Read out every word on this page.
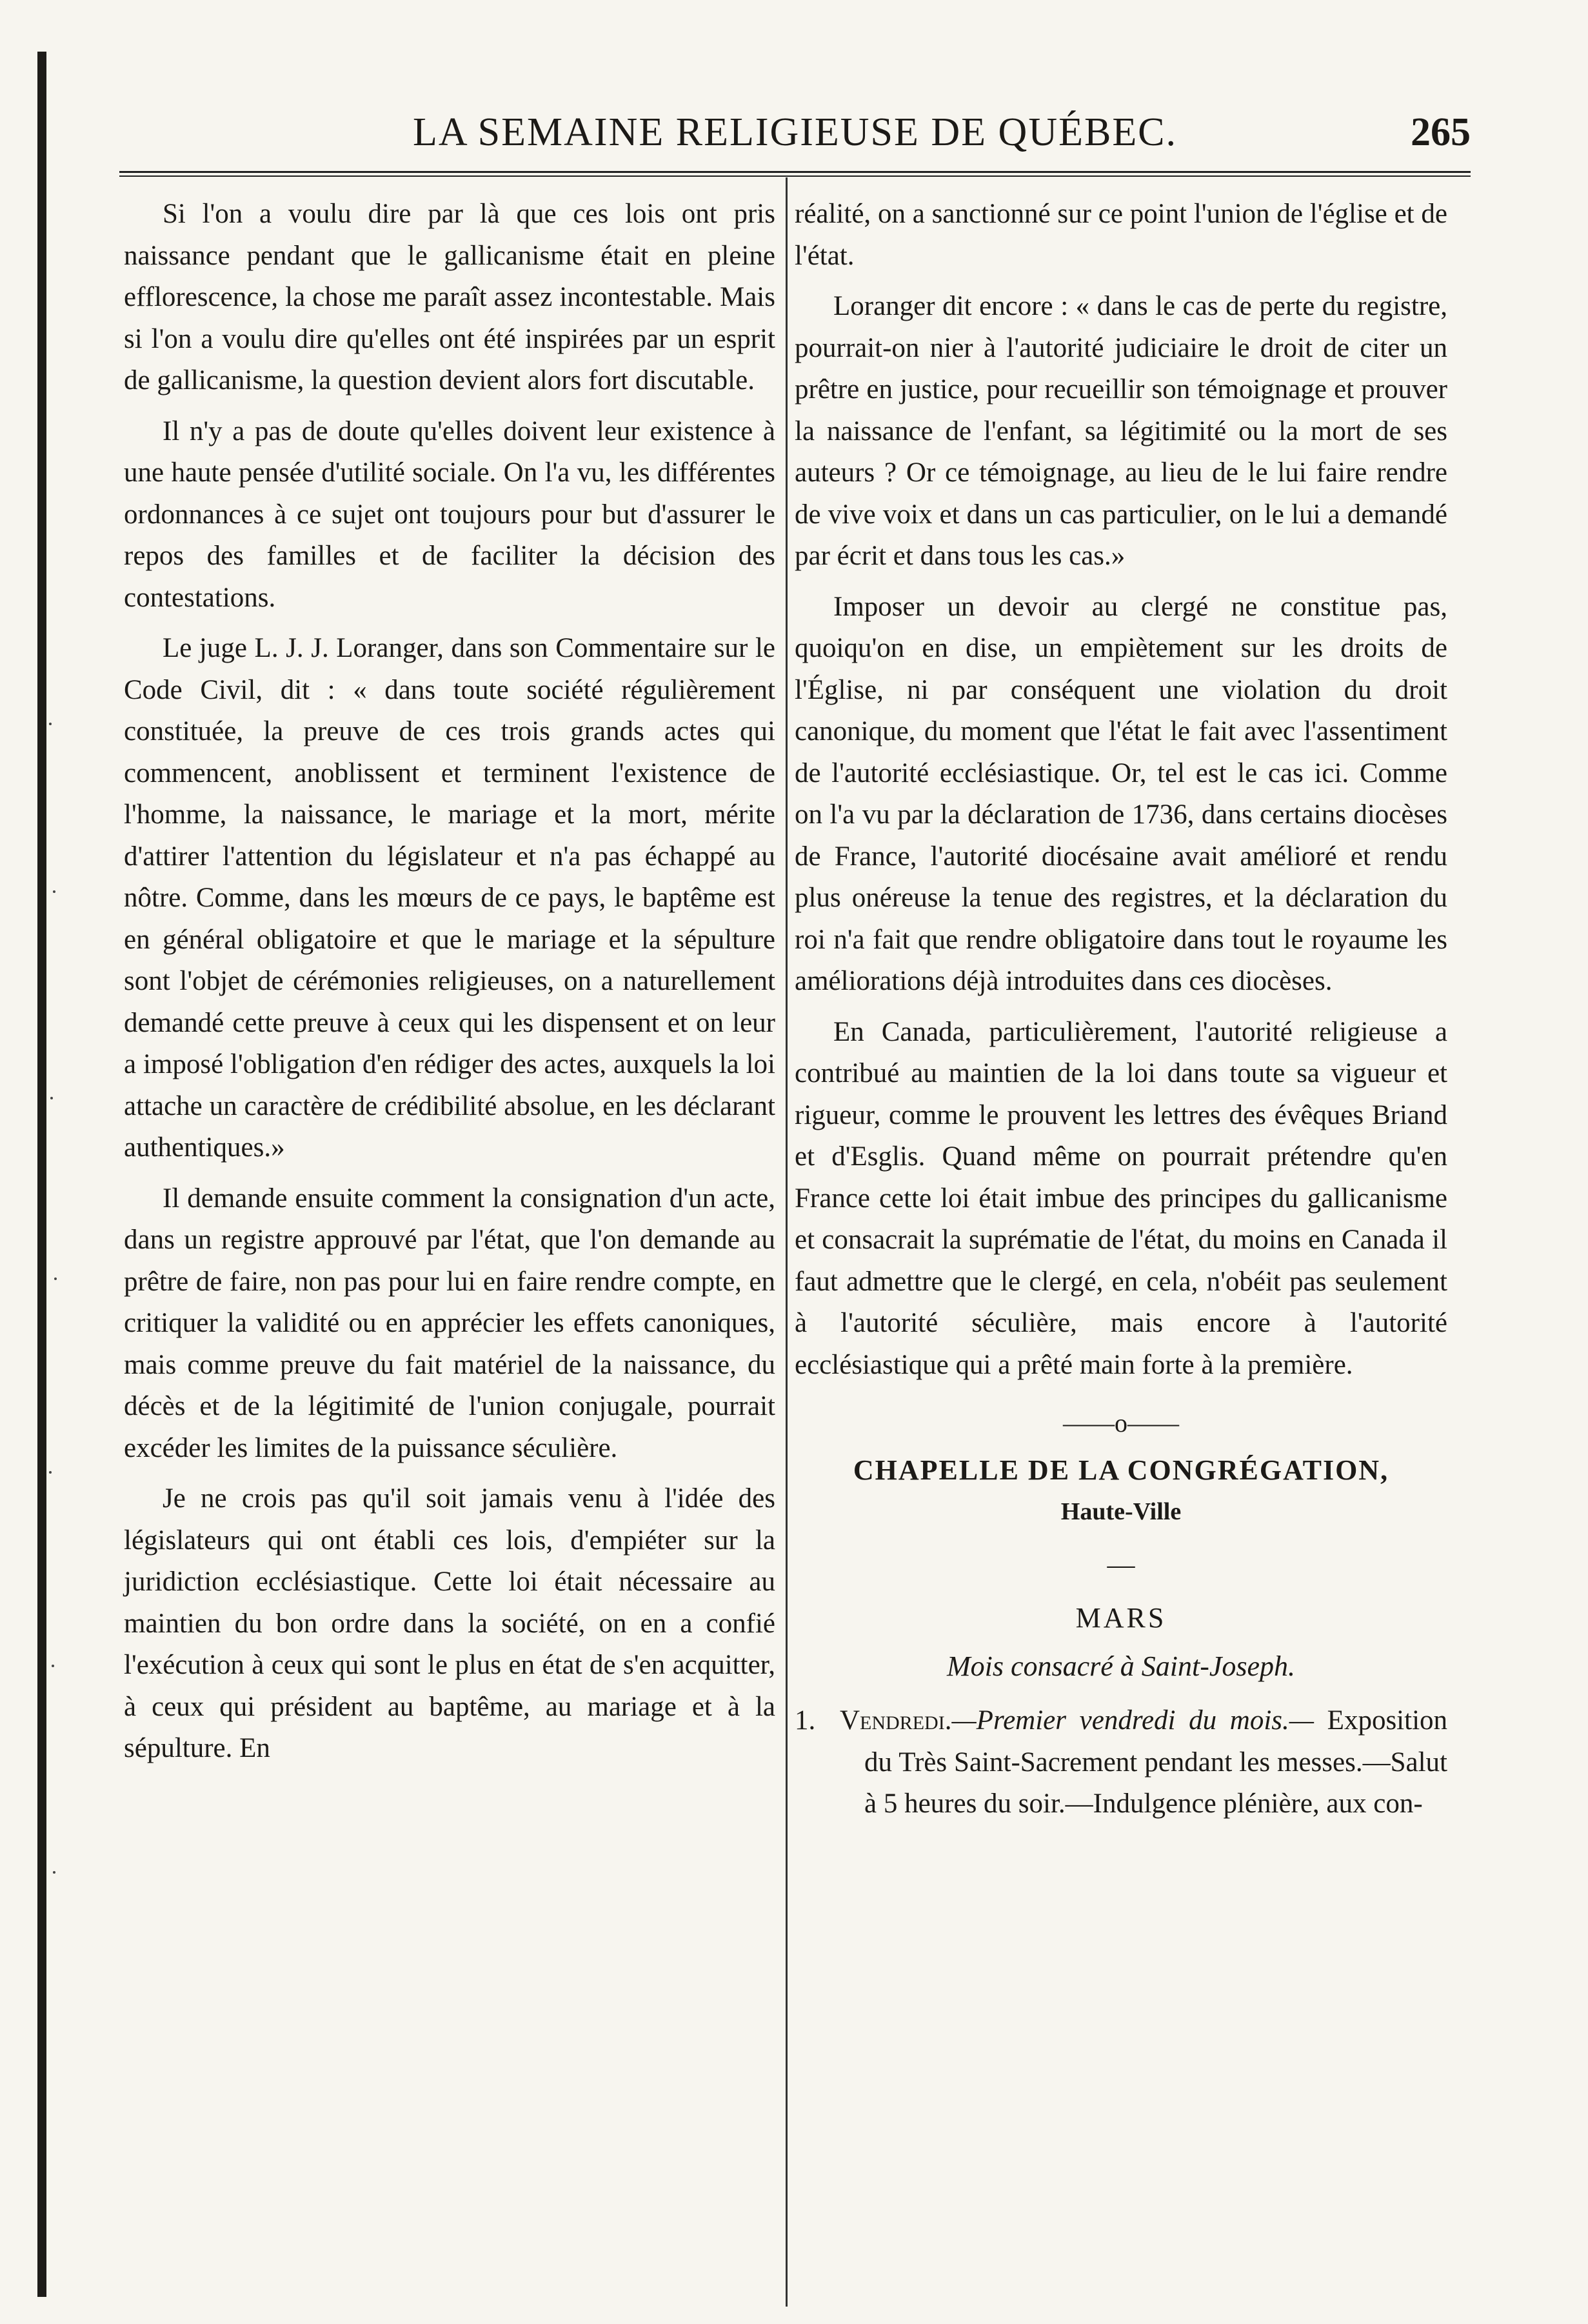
LA SEMAINE RELIGIEUSE DE QUÉBEC.	265

Si l'on a voulu dire par là que ces lois ont pris naissance pendant que le gallicanisme était en pleine efflorescence, la chose me paraît assez incontestable. Mais si l'on a voulu dire qu'elles ont été inspirées par un esprit de gallicanisme, la question devient alors fort discutable.

Il n'y a pas de doute qu'elles doivent leur existence à une haute pensée d'utilité sociale. On l'a vu, les différentes ordonnances à ce sujet ont toujours pour but d'assurer le repos des familles et de faciliter la décision des contestations.

Le juge L. J. J. Loranger, dans son Commentaire sur le Code Civil, dit : « dans toute société régulièrement constituée, la preuve de ces trois grands actes qui commencent, anoblissent et terminent l'existence de l'homme, la naissance, le mariage et la mort, mérite d'attirer l'attention du législateur et n'a pas échappé au nôtre. Comme, dans les mœurs de ce pays, le baptême est en général obligatoire et que le mariage et la sépulture sont l'objet de cérémonies religieuses, on a naturellement demandé cette preuve à ceux qui les dispensent et on leur a imposé l'obligation d'en rédiger des actes, auxquels la loi attache un caractère de crédibilité absolue, en les déclarant authentiques.»

Il demande ensuite comment la consignation d'un acte, dans un registre approuvé par l'état, que l'on demande au prêtre de faire, non pas pour lui en faire rendre compte, en critiquer la validité ou en apprécier les effets canoniques, mais comme preuve du fait matériel de la naissance, du décès et de la légitimité de l'union conjugale, pourrait excéder les limites de la puissance séculière.

Je ne crois pas qu'il soit jamais venu à l'idée des législateurs qui ont établi ces lois, d'empiéter sur la juridiction ecclésiastique. Cette loi était nécessaire au maintien du bon ordre dans la société, on en a confié l'exécution à ceux qui sont le plus en état de s'en acquitter, à ceux qui président au baptême, au mariage et à la sépulture. En

réalité, on a sanctionné sur ce point l'union de l'église et de l'état.

Loranger dit encore : « dans le cas de perte du registre, pourrait-on nier à l'autorité judiciaire le droit de citer un prêtre en justice, pour recueillir son témoignage et prouver la naissance de l'enfant, sa légitimité ou la mort de ses auteurs ? Or ce témoignage, au lieu de le lui faire rendre de vive voix et dans un cas particulier, on le lui a demandé par écrit et dans tous les cas.»

Imposer un devoir au clergé ne constitue pas, quoiqu'on en dise, un empiètement sur les droits de l'Église, ni par conséquent une violation du droit canonique, du moment que l'état le fait avec l'assentiment de l'autorité ecclésiastique. Or, tel est le cas ici. Comme on l'a vu par la déclaration de 1736, dans certains diocèses de France, l'autorité diocésaine avait amélioré et rendu plus onéreuse la tenue des registres, et la déclaration du roi n'a fait que rendre obligatoire dans tout le royaume les améliorations déjà introduites dans ces diocèses.

En Canada, particulièrement, l'autorité religieuse a contribué au maintien de la loi dans toute sa vigueur et rigueur, comme le prouvent les lettres des évêques Briand et d'Esglis. Quand même on pourrait prétendre qu'en France cette loi était imbue des principes du gallicanisme et consacrait la suprématie de l'état, du moins en Canada il faut admettre que le clergé, en cela, n'obéit pas seulement à l'autorité séculière, mais encore à l'autorité ecclésiastique qui a prêté main forte à la première.

——o——
CHAPELLE DE LA CONGRÉGATION,
Haute-Ville
—
MARS
Mois consacré à Saint-Joseph.
1. Vendredi.—Premier vendredi du mois.— Exposition du Très Saint-Sacrement pendant les messes.—Salut à 5 heures du soir.—Indulgence plénière, aux con-
